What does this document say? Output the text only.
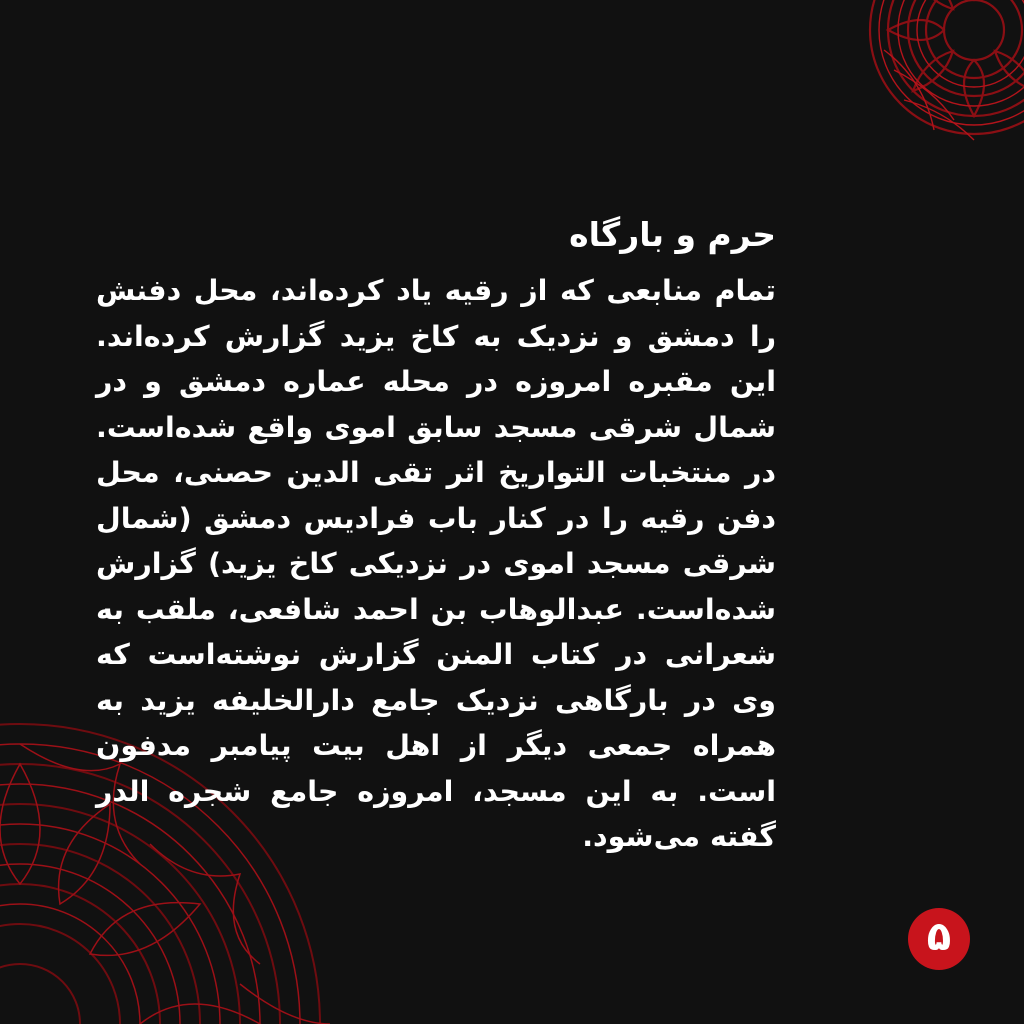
حرم و بارگاه

تمام منابعی که از رقیه یاد کرده‌اند، محل دفنش را دمشق و نزدیک به کاخ یزید گزارش کرده‌اند. این مقبره امروزه در محله عماره دمشق و در شمال شرقی مسجد سابق اموی واقع شده‌است. در منتخبات التواریخ اثر تقی الدین حصنی، محل دفن رقیه را در کنار باب فرادیس دمشق (شمال شرقی مسجد اموی در نزدیکی کاخ یزید) گزارش شده‌است. عبدالوهاب بن احمد شافعی، ملقب به شعرانی در کتاب المنن گزارش نوشته‌است که وی در بارگاهی نزدیک جامع دارالخلیفه یزید به همراه جمعی دیگر از اهل بیت پیامبر مدفون است. به این مسجد، امروزه جامع شجره الدر گفته می‌شود.

۵
